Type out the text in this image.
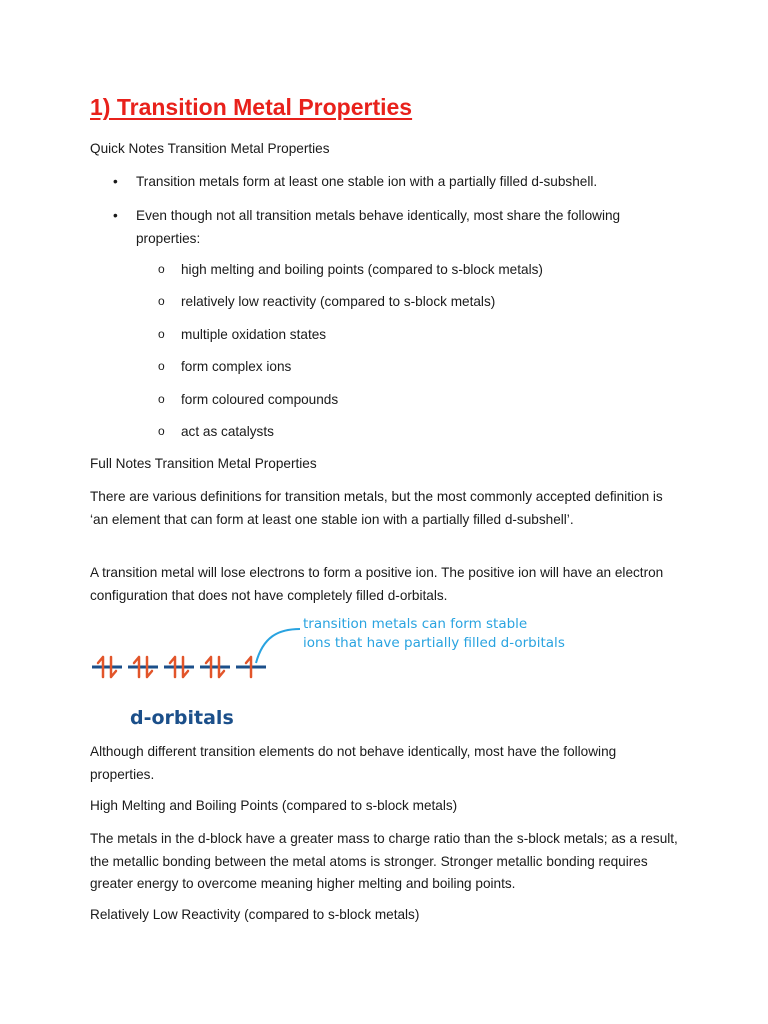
1) Transition Metal Properties

Quick Notes Transition Metal Properties

• Transition metals form at least one stable ion with a partially filled d-subshell.
• Even though not all transition metals behave identically, most share the following properties:
o high melting and boiling points (compared to s-block metals)
o relatively low reactivity (compared to s-block metals)
o multiple oxidation states
o form complex ions
o form coloured compounds
o act as catalysts

Full Notes Transition Metal Properties

There are various definitions for transition metals, but the most commonly accepted definition is ‘an element that can form at least one stable ion with a partially filled d-subshell’.

A transition metal will lose electrons to form a positive ion. The positive ion will have an electron configuration that does not have completely filled d-orbitals.

Although different transition elements do not behave identically, most have the following properties.

High Melting and Boiling Points (compared to s-block metals)

The metals in the d-block have a greater mass to charge ratio than the s-block metals; as a result, the metallic bonding between the metal atoms is stronger. Stronger metallic bonding requires greater energy to overcome meaning higher melting and boiling points.

Relatively Low Reactivity (compared to s-block metals)

transition metals can form stable
ions that have partially filled d-orbitals
d-orbitals
